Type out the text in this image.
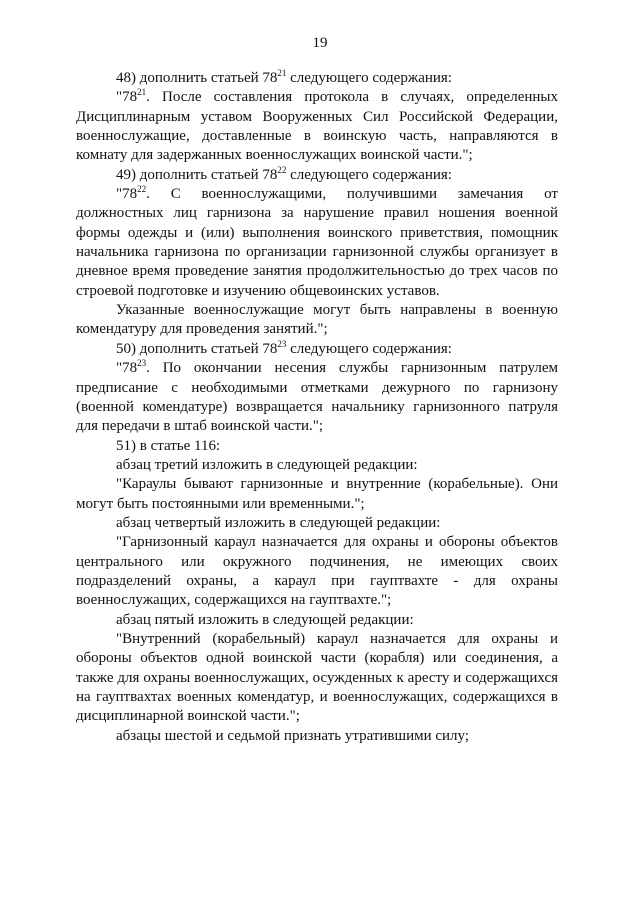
19

48) дополнить статьей $78^{21}$ следующего содержания:

"$78^{21}$. После составления протокола в случаях, определенных Дисциплинарным уставом Вооруженных Сил Российской Федерации, военнослужащие, доставленные в воинскую часть, направляются в комнату для задержанных военнослужащих воинской части.";

49) дополнить статьей $78^{22}$ следующего содержания:

"$78^{22}$. С военнослужащими, получившими замечания от должностных лиц гарнизона за нарушение правил ношения военной формы одежды и (или) выполнения воинского приветствия, помощник начальника гарнизона по организации гарнизонной службы организует в дневное время проведение занятия продолжительностью до трех часов по строевой подготовке и изучению общевоинских уставов.

Указанные военнослужащие могут быть направлены в военную комендатуру для проведения занятий.";

50) дополнить статьей $78^{23}$ следующего содержания:

"$78^{23}$. По окончании несения службы гарнизонным патрулем предписание с необходимыми отметками дежурного по гарнизону (военной комендатуре) возвращается начальнику гарнизонного патруля для передачи в штаб воинской части.";

51) в статье 116:

абзац третий изложить в следующей редакции:

"Караулы бывают гарнизонные и внутренние (корабельные). Они могут быть постоянными или временными.";

абзац четвертый изложить в следующей редакции:

"Гарнизонный караул назначается для охраны и обороны объектов центрального или окружного подчинения, не имеющих своих подразделений охраны, а караул при гауптвахте - для охраны военнослужащих, содержащихся на гауптвахте.";

абзац пятый изложить в следующей редакции:

"Внутренний (корабельный) караул назначается для охраны и обороны объектов одной воинской части (корабля) или соединения, а также для охраны военнослужащих, осужденных к аресту и содержащихся на гауптвахтах военных комендатур, и военнослужащих, содержащихся в дисциплинарной воинской части.";

абзацы шестой и седьмой признать утратившими силу;
